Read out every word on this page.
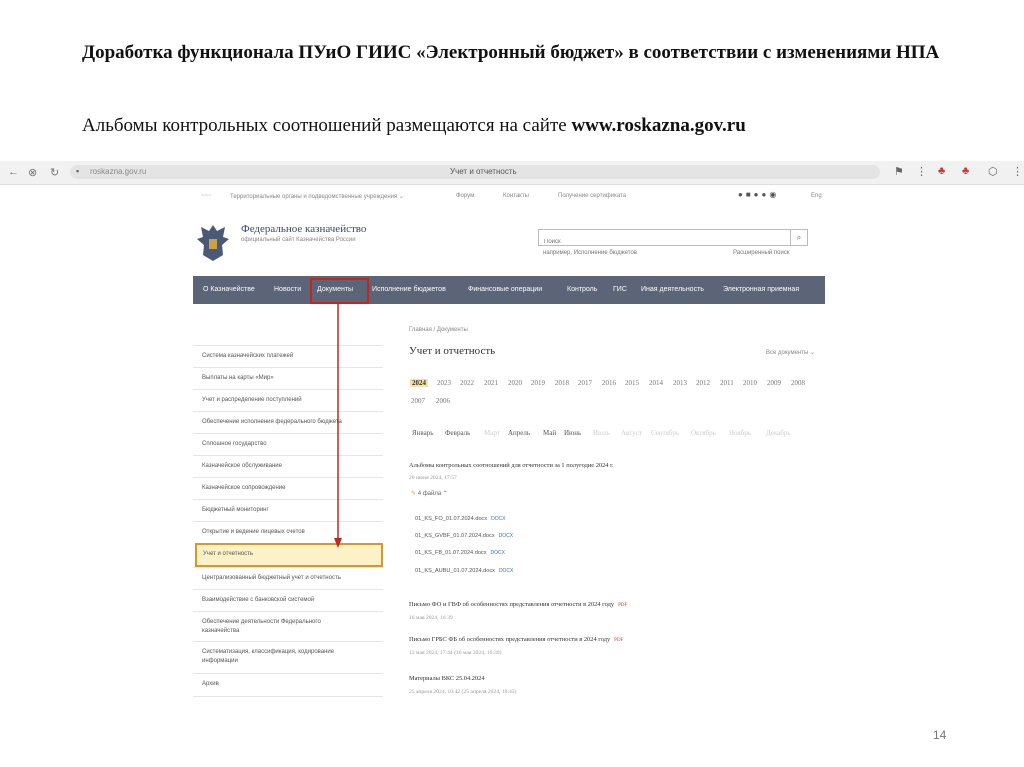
Доработка функционала ПУиО ГИИС «Электронный бюджет» в соответствии с изменениями НПА
Альбомы контрольных соотношений размещаются на сайте www.roskazna.gov.ru
← ⊗ ↻ ▪ roskazna.gov.ru	Учет и отчетность	⚑ ⋮ ♣ ♣ ⬡ ⋮
~~~	Территориальные органы и подведомственные учреждения ⌄	Форум	Контакты	Получение сертификата	●■●●◉	Eng
Федеральное казначейство
официальный сайт Казначейства России
Поиск	⌕
например, Исполнение бюджетов	Расширенный поиск
О Казначействе	Новости Документы	Исполнение бюджетов	Финансовые операции	Контроль ГИС Иная деятельность	Электронная приемная
Система казначейских платежей
Выплаты на карты «Мир»
Учет и распределение поступлений
Обеспечение исполнения федерального бюджета
Сплошное государство
Казначейское обслуживание
Казначейское сопровождение
Бюджетный мониторинг
Открытие и ведение лицевых счетов
Учет и отчетность
Централизованный бюджетный учет и отчетность
Взаимодействие с банковской системой
Обеспечение деятельности Федерального казначейства
Систематизация, классификация, кодирование информации
Архив
Главная / Документы
Учет и отчетность	Все документы ⌄
2024 2023 2022 2021 2020 2019 2018 2017 2016 2015 2014 2013 2012 2011 2010 2009 2008
2007 2006
Январь Февраль Март Апрель Май Июнь Июль Август Сентябрь Октябрь Ноябрь Декабрь
Альбомы контрольных соотношений для отчетности за 1 полугодие 2024 г.
20 июня 2024, 17:57
✎ 4 файла ⌃
01_KS_FO_01.07.2024.docx DOCX
01_KS_GVBF_01.07.2024.docx DOCX
01_KS_FB_01.07.2024.docx DOCX
01_KS_AUBU_01.07.2024.docx DOCX
Письмо ФО и ГВФ об особенностях представления отчетности в 2024 году PDF
16 мая 2024, 16:39
Письмо ГРБС ФБ об особенностях представления отчетности в 2024 году PDF
13 мая 2024, 17:44 (16 мая 2024, 16:39)
Материалы ВКС 25.04.2024
25 апреля 2024, 10:42 (25 апреля 2024, 10:43)
14
